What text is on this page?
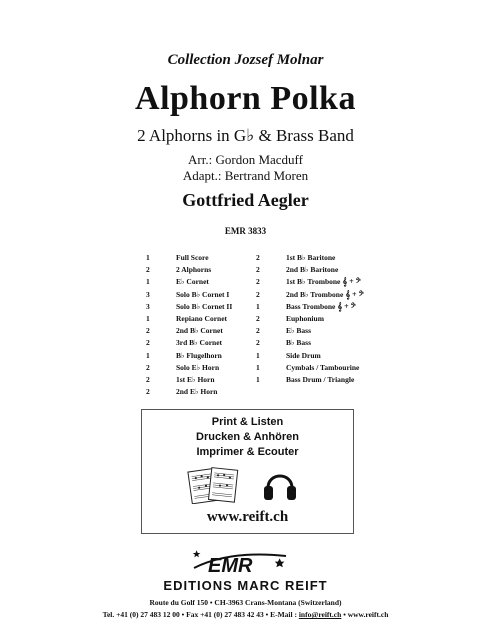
Collection Jozsef Molnar
Alphorn Polka
2 Alphorns in G♭ & Brass Band
Arr.: Gordon Macduff
Adapt.: Bertrand Moren
Gottfried Aegler
EMR 3833
1	Full Score
2	2 Alphorns
1	E♭ Cornet
3	Solo B♭ Cornet I
3	Solo B♭ Cornet II
1	Repiano Cornet
2	2nd B♭ Cornet
2	3rd B♭ Cornet
1	B♭ Flugelhorn
2	Solo E♭ Horn
2	1st E♭ Horn
2	2nd E♭ Horn
2	1st B♭ Baritone
2	2nd B♭ Baritone
2	1st B♭ Trombone 𝄞 + 𝄢
2	2nd B♭ Trombone 𝄞 + 𝄢
1	Bass Trombone 𝄞 + 𝄢
2	Euphonium
2	E♭ Bass
2	B♭ Bass
1	Side Drum
1	Cymbals / Tambourine
1	Bass Drum / Triangle
Print & Listen
Drucken & Anhören
Imprimer & Ecouter
www.reift.ch
EMR
EDITIONS MARC REIFT
Route du Golf 150 • CH-3963 Crans-Montana (Switzerland)
Tel. +41 (0) 27 483 12 00 • Fax +41 (0) 27 483 42 43 • E-Mail : info@reift.ch • www.reift.ch
